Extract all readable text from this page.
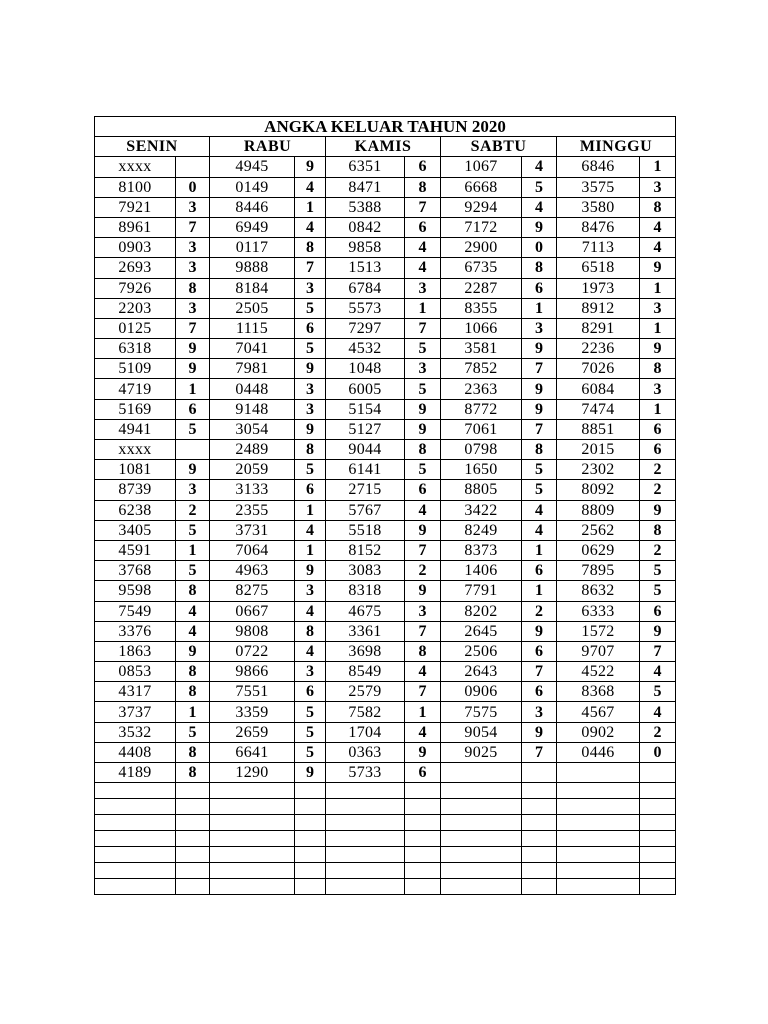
ANGKA KELUAR TAHUN 2020									
SENIN		RABU		KAMIS		SABTU		MINGGU	
xxxx		4945	9	6351	6	1067	4	6846	1
8100	0	0149	4	8471	8	6668	5	3575	3
7921	3	8446	1	5388	7	9294	4	3580	8
8961	7	6949	4	0842	6	7172	9	8476	4
0903	3	0117	8	9858	4	2900	0	7113	4
2693	3	9888	7	1513	4	6735	8	6518	9
7926	8	8184	3	6784	3	2287	6	1973	1
2203	3	2505	5	5573	1	8355	1	8912	3
0125	7	1115	6	7297	7	1066	3	8291	1
6318	9	7041	5	4532	5	3581	9	2236	9
5109	9	7981	9	1048	3	7852	7	7026	8
4719	1	0448	3	6005	5	2363	9	6084	3
5169	6	9148	3	5154	9	8772	9	7474	1
4941	5	3054	9	5127	9	7061	7	8851	6
xxxx		2489	8	9044	8	0798	8	2015	6
1081	9	2059	5	6141	5	1650	5	2302	2
8739	3	3133	6	2715	6	8805	5	8092	2
6238	2	2355	1	5767	4	3422	4	8809	9
3405	5	3731	4	5518	9	8249	4	2562	8
4591	1	7064	1	8152	7	8373	1	0629	2
3768	5	4963	9	3083	2	1406	6	7895	5
9598	8	8275	3	8318	9	7791	1	8632	5
7549	4	0667	4	4675	3	8202	2	6333	6
3376	4	9808	8	3361	7	2645	9	1572	9
1863	9	0722	4	3698	8	2506	6	9707	7
0853	8	9866	3	8549	4	2643	7	4522	4
4317	8	7551	6	2579	7	0906	6	8368	5
3737	1	3359	5	7582	1	7575	3	4567	4
3532	5	2659	5	1704	4	9054	9	0902	2
4408	8	6641	5	0363	9	9025	7	0446	0
4189	8	1290	9	5733	6				
